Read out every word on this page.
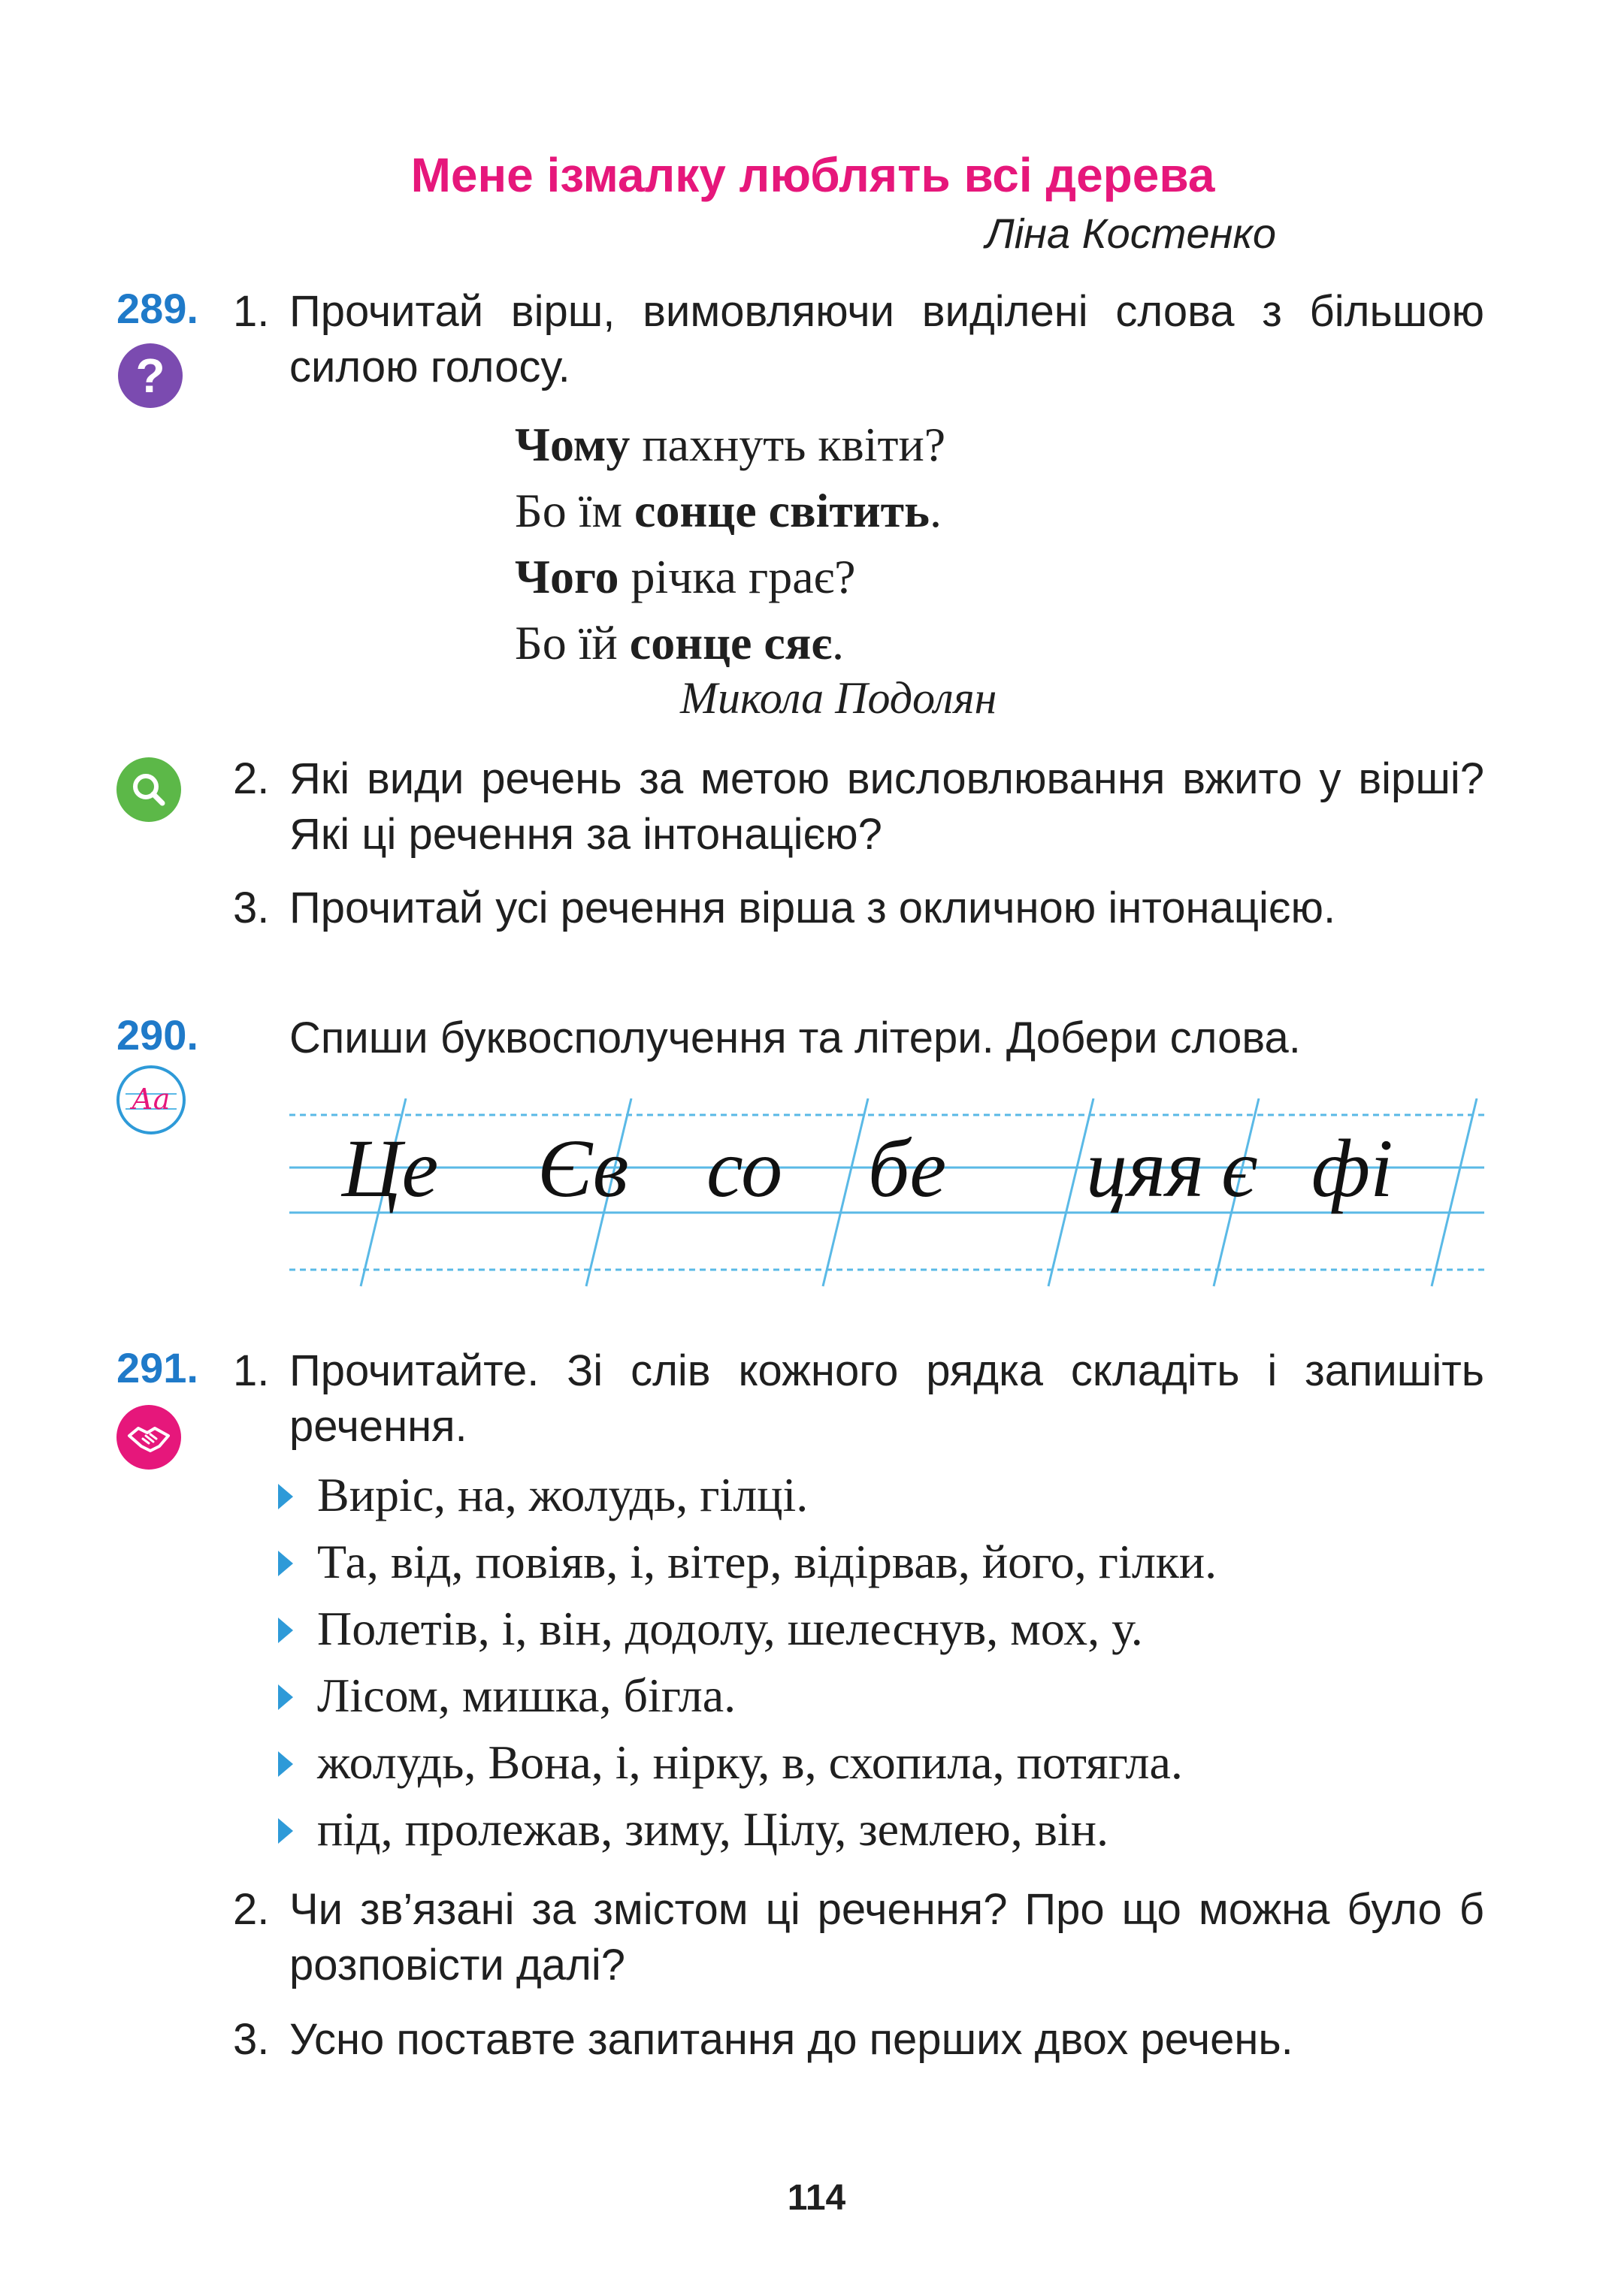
Мене ізмалку люблять всі дерева
Ліна Костенко
289.
?
1. Прочитай вірш, вимовляючи виділені слова з більшою силою голосу.
Чому пахнуть квіти?
Бо їм сонце світить.
Чого річка грає?
Бо їй сонце сяє.
Микола Подолян
2. Які види речень за метою висловлювання вжито у вірші? Які ці речення за інтонацією?
3. Прочитай усі речення вірша з окличною інтонацією.
290.
Аа
Спиши буквосполучення та літери. Добери слова.
Це Єв со бе цяя є фі
291. 1. Прочитайте. Зі слів кожного рядка складіть і запишіть речення.
Виріс, на, жолудь, гілці.
Та, від, повіяв, і, вітер, відірвав, його, гілки.
Полетів, і, він, додолу, шелеснув, мох, у.
Лісом, мишка, бігла.
жолудь, Вона, і, нірку, в, схопила, потягла.
під, пролежав, зиму, Цілу, землею, він.
2. Чи зв’язані за змістом ці речення? Про що можна було б розповісти далі?
3. Усно поставте запитання до перших двох речень.
114
